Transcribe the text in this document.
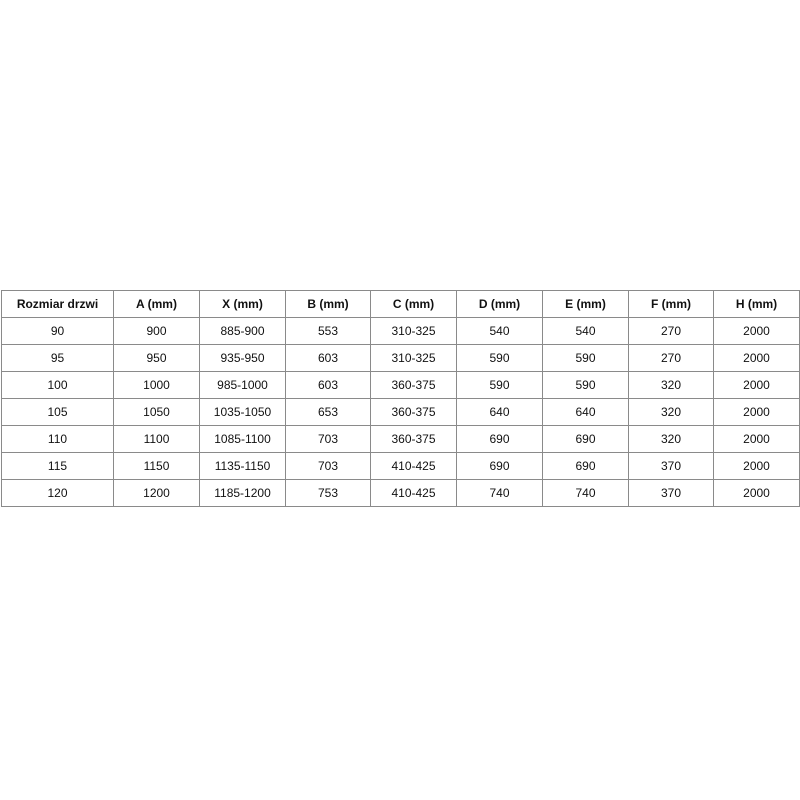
Rozmiar drzwi	A (mm)	X (mm)	B (mm)	C (mm)	D (mm)	E (mm)	F (mm)	H (mm)
90	900	885-900	553	310-325	540	540	270	2000
95	950	935-950	603	310-325	590	590	270	2000
100	1000	985-1000	603	360-375	590	590	320	2000
105	1050	1035-1050	653	360-375	640	640	320	2000
110	1100	1085-1100	703	360-375	690	690	320	2000
115	1150	1135-1150	703	410-425	690	690	370	2000
120	1200	1185-1200	753	410-425	740	740	370	2000
